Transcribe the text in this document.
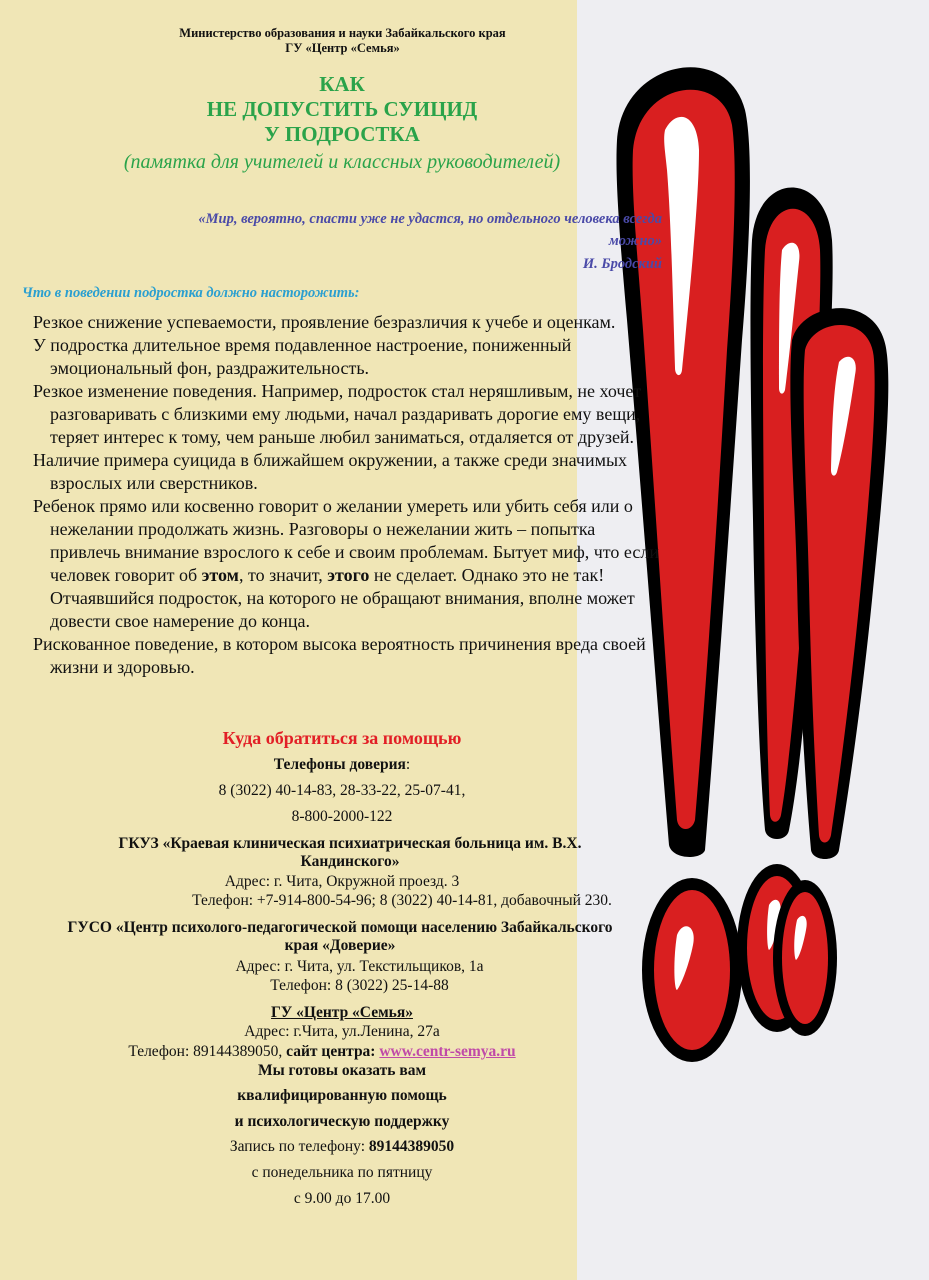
Министерство образования и науки Забайкальского края
ГУ «Центр «Семья»
КАК
НЕ ДОПУСТИТЬ СУИЦИД
У ПОДРОСТКА
(памятка для учителей и классных руководителей)
«Мир, вероятно, спасти уже не удастся, но отдельного человека всегда
можно»
И. Бродский
Что в поведении подростка должно насторожить:
Резкое снижение успеваемости, проявление безразличия к учебе и оценкам.
У подростка длительное время подавленное настроение, пониженный эмоциональный фон, раздражительность.
Резкое изменение поведения. Например, подросток стал неряшливым, не хочет разговаривать с близкими ему людьми, начал раздаривать дорогие ему вещи, теряет интерес к тому, чем раньше любил заниматься, отдаляется от друзей.
Наличие примера суицида в ближайшем окружении, а также среди значимых взрослых или сверстников.
Ребенок прямо или косвенно говорит о желании умереть или убить себя или о нежелании продолжать жизнь. Разговоры о нежелании жить – попытка привлечь внимание взрослого к себе и своим проблемам. Бытует миф, что если человек говорит об этом, то значит, этого не сделает. Однако это не так! Отчаявшийся подросток, на которого не обращают внимания, вполне может довести свое намерение до конца.
Рискованное поведение, в котором высока вероятность причинения вреда своей жизни и здоровью.
Куда обратиться за помощью
Телефоны доверия:
8 (3022) 40-14-83, 28-33-22, 25-07-41,
8-800-2000-122
ГКУЗ «Краевая клиническая психиатрическая больница им. В.Х. Кандинского»
Адрес: г. Чита, Окружной проезд. 3
Телефон: +7-914-800-54-96; 8 (3022) 40-14-81, добавочный 230.
ГУСО «Центр психолого-педагогической помощи населению Забайкальского края «Доверие»
Адрес: г. Чита, ул. Текстильщиков, 1а
Телефон: 8 (3022) 25-14-88
ГУ «Центр «Семья»
Адрес: г.Чита, ул.Ленина, 27а
Телефон: 89144389050, сайт центра: www.centr-semya.ru
Мы готовы оказать вам
квалифицированную помощь
и психологическую поддержку
Запись по телефону: 89144389050
с понедельника по пятницу
с 9.00 до 17.00
